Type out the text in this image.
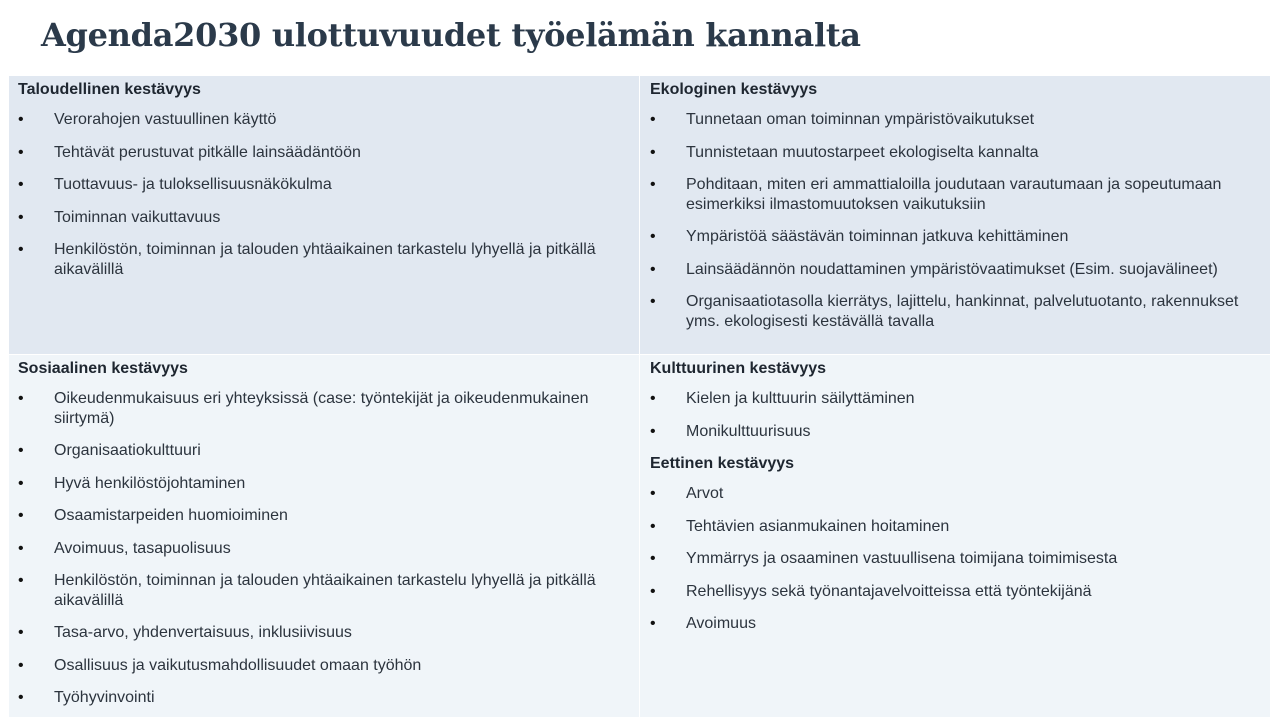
Agenda2030 ulottuvuudet työelämän kannalta

Taloudellinen kestävyys

• Verorahojen vastuullinen käyttö
• Tehtävät perustuvat pitkälle lainsäädäntöön
• Tuottavuus- ja tuloksellisuusnäkökulma
• Toiminnan vaikuttavuus
• Henkilöstön, toiminnan ja talouden yhtäaikainen tarkastelu lyhyellä ja pitkällä aikavälillä

Ekologinen kestävyys

• Tunnetaan oman toiminnan ympäristövaikutukset
• Tunnistetaan muutostarpeet ekologiselta kannalta
• Pohditaan, miten eri ammattialoilla joudutaan varautumaan ja sopeutumaan esimerkiksi ilmastomuutoksen vaikutuksiin
• Ympäristöä säästävän toiminnan jatkuva kehittäminen
• Lainsäädännön noudattaminen ympäristövaatimukset (Esim. suojavälineet)
• Organisaatiotasolla kierrätys, lajittelu, hankinnat, palvelutuotanto, rakennukset yms. ekologisesti kestävällä tavalla

Sosiaalinen kestävyys

• Oikeudenmukaisuus eri yhteyksissä (case: työntekijät ja oikeudenmukainen siirtymä)
• Organisaatiokulttuuri
• Hyvä henkilöstöjohtaminen
• Osaamistarpeiden huomioiminen
• Avoimuus, tasapuolisuus
• Henkilöstön, toiminnan ja talouden yhtäaikainen tarkastelu lyhyellä ja pitkällä aikavälillä
• Tasa-arvo, yhdenvertaisuus, inklusiivisuus
• Osallisuus ja vaikutusmahdollisuudet omaan työhön
• Työhyvinvointi

Kulttuurinen kestävyys

• Kielen ja kulttuurin säilyttäminen
• Monikulttuurisuus

Eettinen kestävyys

• Arvot
• Tehtävien asianmukainen hoitaminen
• Ymmärrys ja osaaminen vastuullisena toimijana toimimisesta
• Rehellisyys sekä työnantajavelvoitteissa että työntekijänä
• Avoimuus
